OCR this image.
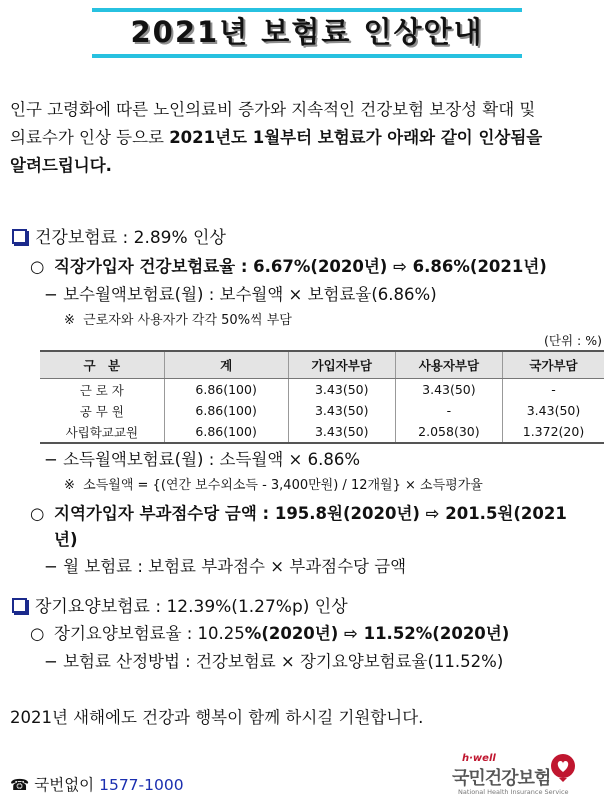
2021년 보험료 인상안내
인구 고령화에 따른 노인의료비 증가와 지속적인 건강보험 보장성 확대 및 의료수가 인상 등으로 2021년도 1월부터 보험료가 아래와 같이 인상됨을 알려드립니다.
건강보험료 : 2.89% 인상
○ 직장가입자 건강보험료율 : 6.67%(2020년) ⇨ 6.86%(2021년)
− 보수월액보험료(월) : 보수월액 × 보험료율(6.86%)
※ 근로자와 사용자가 각각 50%씩 부담
(단위 : %)
구　분	계	가입자부담	사용자부담	국가부담
근 로 자	6.86(100)	3.43(50)	3.43(50)	-
공 무 원	6.86(100)	3.43(50)	-	3.43(50)
사립학교교원	6.86(100)	3.43(50)	2.058(30)	1.372(20)
− 소득월액보험료(월) : 소득월액 × 6.86%
※ 소득월액 = {(연간 보수외소득 - 3,400만원) / 12개월} × 소득평가율
○ 지역가입자 부과점수당 금액 : 195.8원(2020년) ⇨ 201.5원(2021
년)
− 월 보험료 : 보험료 부과점수 × 부과점수당 금액
장기요양보험료 : 12.39%(1.27%p) 인상
○ 장기요양보험료율 : 10.25%(2020년) ⇨ 11.52%(2020년)
− 보험료 산정방법 : 건강보험료 × 장기요양보험료율(11.52%)
2021년 새해에도 건강과 행복이 함께 하시길 기원합니다.
☎ 국번없이 1577-1000
h·well
국민건강보험
National Health Insurance Service
